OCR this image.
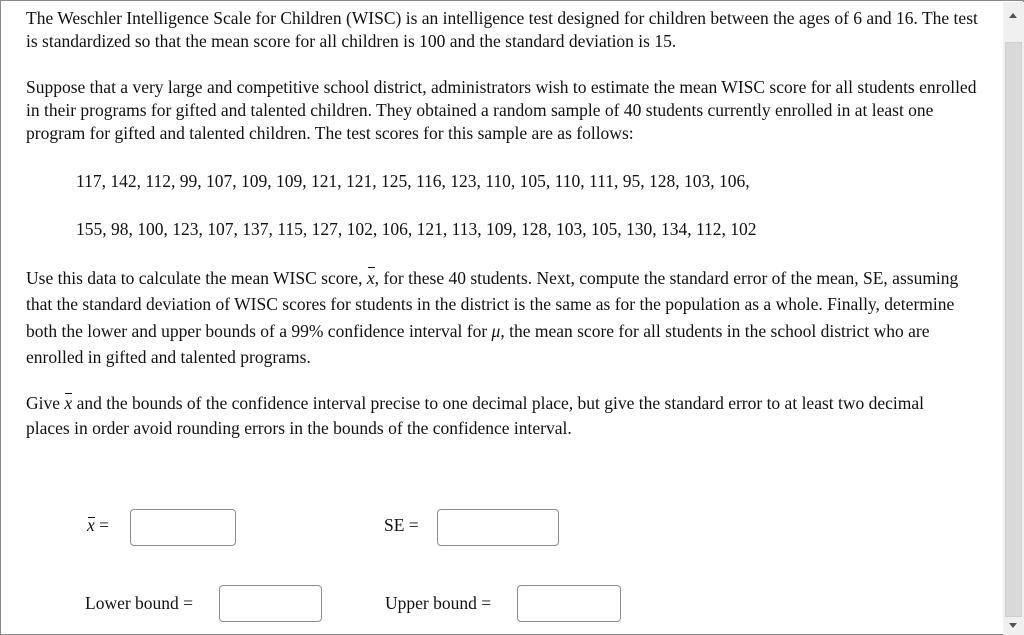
The Weschler Intelligence Scale for Children (WISC) is an intelligence test designed for children between the ages of 6 and 16. The test is standardized so that the mean score for all children is 100 and the standard deviation is 15.

Suppose that a very large and competitive school district, administrators wish to estimate the mean WISC score for all students enrolled in their programs for gifted and talented children. They obtained a random sample of 40 students currently enrolled in at least one program for gifted and talented children. The test scores for this sample are as follows:

117, 142, 112, 99, 107, 109, 109, 121, 121, 125, 116, 123, 110, 105, 110, 111, 95, 128, 103, 106,

155, 98, 100, 123, 107, 137, 115, 127, 102, 106, 121, 113, 109, 128, 103, 105, 130, 134, 112, 102

Use this data to calculate the mean WISC score, x, for these 40 students. Next, compute the standard error of the mean, SE, assuming that the standard deviation of WISC scores for students in the district is the same as for the population as a whole. Finally, determine both the lower and upper bounds of a 99% confidence interval for μ, the mean score for all students in the school district who are enrolled in gifted and talented programs.

Give x and the bounds of the confidence interval precise to one decimal place, but give the standard error to at least two decimal places in order avoid rounding errors in the bounds of the confidence interval.

x =	SE =
Lower bound =	Upper bound =
